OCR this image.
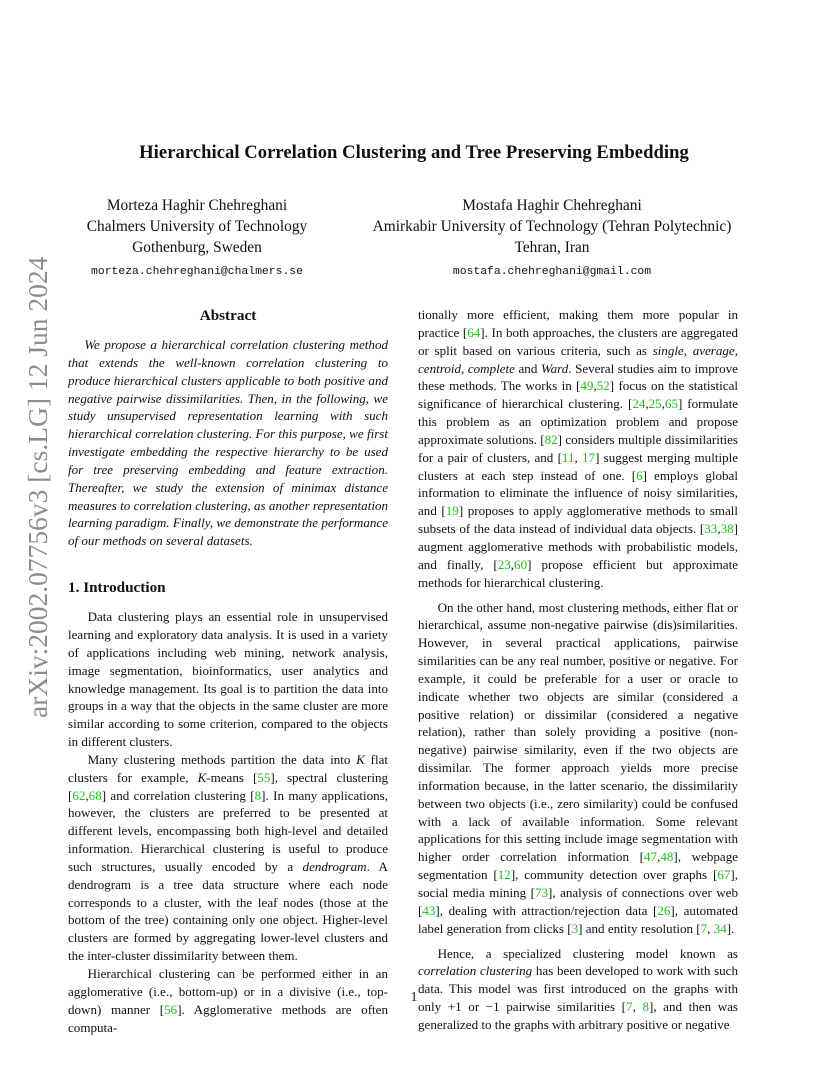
Hierarchical Correlation Clustering and Tree Preserving Embedding
Morteza Haghir Chehreghani
Chalmers University of Technology
Gothenburg, Sweden
morteza.chehreghani@chalmers.se
Mostafa Haghir Chehreghani
Amirkabir University of Technology (Tehran Polytechnic)
Tehran, Iran
mostafa.chehreghani@gmail.com
arXiv:2002.07756v3 [cs.LG] 12 Jun 2024	Abstract

We propose a hierarchical correlation clustering method that extends the well-known correlation clustering to produce hierarchical clusters applicable to both positive and negative pairwise dissimilarities. Then, in the following, we study unsupervised representation learning with such hierarchical correlation clustering. For this purpose, we first investigate embedding the respective hierarchy to be used for tree preserving embedding and feature extraction. Thereafter, we study the extension of minimax distance measures to correlation clustering, as another representation learning paradigm. Finally, we demonstrate the performance of our methods on several datasets.

1. Introduction

Data clustering plays an essential role in unsupervised learning and exploratory data analysis. It is used in a variety of applications including web mining, network analysis, image segmentation, bioinformatics, user analytics and knowledge management. Its goal is to partition the data into groups in a way that the objects in the same cluster are more similar according to some criterion, compared to the objects in different clusters.

Many clustering methods partition the data into K flat clusters for example, K-means [55], spectral clustering [62,68] and correlation clustering [8]. In many applications, however, the clusters are preferred to be presented at different levels, encompassing both high-level and detailed information. Hierarchical clustering is useful to produce such structures, usually encoded by a dendrogram. A dendrogram is a tree data structure where each node corresponds to a cluster, with the leaf nodes (those at the bottom of the tree) containing only one object. Higher-level clusters are formed by aggregating lower-level clusters and the inter-cluster dissimilarity between them.

Hierarchical clustering can be performed either in an agglomerative (i.e., bottom-up) or in a divisive (i.e., top-down) manner [56]. Agglomerative methods are often computa-

tionally more efficient, making them more popular in practice [64]. In both approaches, the clusters are aggregated or split based on various criteria, such as single, average, centroid, complete and Ward. Several studies aim to improve these methods. The works in [49,52] focus on the statistical significance of hierarchical clustering. [24,25,65] formulate this problem as an optimization problem and propose approximate solutions. [82] considers multiple dissimilarities for a pair of clusters, and [11, 17] suggest merging multiple clusters at each step instead of one. [6] employs global information to eliminate the influence of noisy similarities, and [19] proposes to apply agglomerative methods to small subsets of the data instead of individual data objects. [33,38] augment agglomerative methods with probabilistic models, and finally, [23,60] propose efficient but approximate methods for hierarchical clustering.

On the other hand, most clustering methods, either flat or hierarchical, assume non-negative pairwise (dis)similarities. However, in several practical applications, pairwise similarities can be any real number, positive or negative. For example, it could be preferable for a user or oracle to indicate whether two objects are similar (considered a positive relation) or dissimilar (considered a negative relation), rather than solely providing a positive (non-negative) pairwise similarity, even if the two objects are dissimilar. The former approach yields more precise information because, in the latter scenario, the dissimilarity between two objects (i.e., zero similarity) could be confused with a lack of available information. Some relevant applications for this setting include image segmentation with higher order correlation information [47,48], webpage segmentation [12], community detection over graphs [67], social media mining [73], analysis of connections over web [43], dealing with attraction/rejection data [26], automated label generation from clicks [3] and entity resolution [7, 34].

Hence, a specialized clustering model known as correlation clustering has been developed to work with such data. This model was first introduced on the graphs with only +1 or −1 pairwise similarities [7, 8], and then was generalized to the graphs with arbitrary positive or negative

1
